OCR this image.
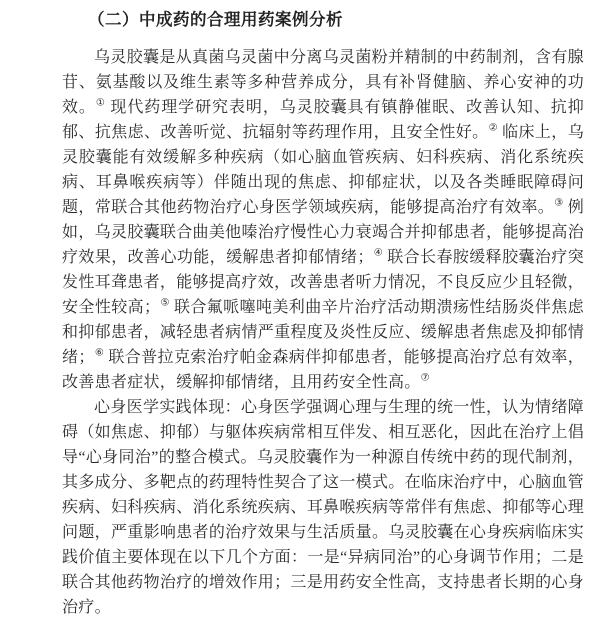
（二）中成药的合理用药案例分析

乌灵胶囊是从真菌乌灵菌中分离乌灵菌粉并精制的中药制剂，含有腺苷、氨基酸以及维生素等多种营养成分，具有补肾健脑、养心安神的功效。① 现代药理学研究表明，乌灵胶囊具有镇静催眠、改善认知、抗抑郁、抗焦虑、改善听觉、抗辐射等药理作用，且安全性好。② 临床上，乌灵胶囊能有效缓解多种疾病（如心脑血管疾病、妇科疾病、消化系统疾病、耳鼻喉疾病等）伴随出现的焦虑、抑郁症状，以及各类睡眠障碍问题，常联合其他药物治疗心身医学领域疾病，能够提高治疗有效率。③ 例如，乌灵胶囊联合曲美他嗪治疗慢性心力衰竭合并抑郁患者，能够提高治疗效果，改善心功能，缓解患者抑郁情绪；④ 联合长春胺缓释胶囊治疗突发性耳聋患者，能够提高疗效，改善患者听力情况，不良反应少且轻微，安全性较高；⑤ 联合氟哌噻吨美利曲辛片治疗活动期溃疡性结肠炎伴焦虑和抑郁患者，减轻患者病情严重程度及炎性反应、缓解患者焦虑及抑郁情绪；⑥ 联合普拉克索治疗帕金森病伴抑郁患者，能够提高治疗总有效率，改善患者症状，缓解抑郁情绪，且用药安全性高。⑦

心身医学实践体现：心身医学强调心理与生理的统一性，认为情绪障碍（如焦虑、抑郁）与躯体疾病常相互伴发、相互恶化，因此在治疗上倡导“心身同治”的整合模式。乌灵胶囊作为一种源自传统中药的现代制剂，其多成分、多靶点的药理特性契合了这一模式。在临床治疗中，心脑血管疾病、妇科疾病、消化系统疾病、耳鼻喉疾病等常伴有焦虑、抑郁等心理问题，严重影响患者的治疗效果与生活质量。乌灵胶囊在心身疾病临床实践价值主要体现在以下几个方面：一是“异病同治”的心身调节作用；二是联合其他药物治疗的增效作用；三是用药安全性高，支持患者长期的心身治疗。
